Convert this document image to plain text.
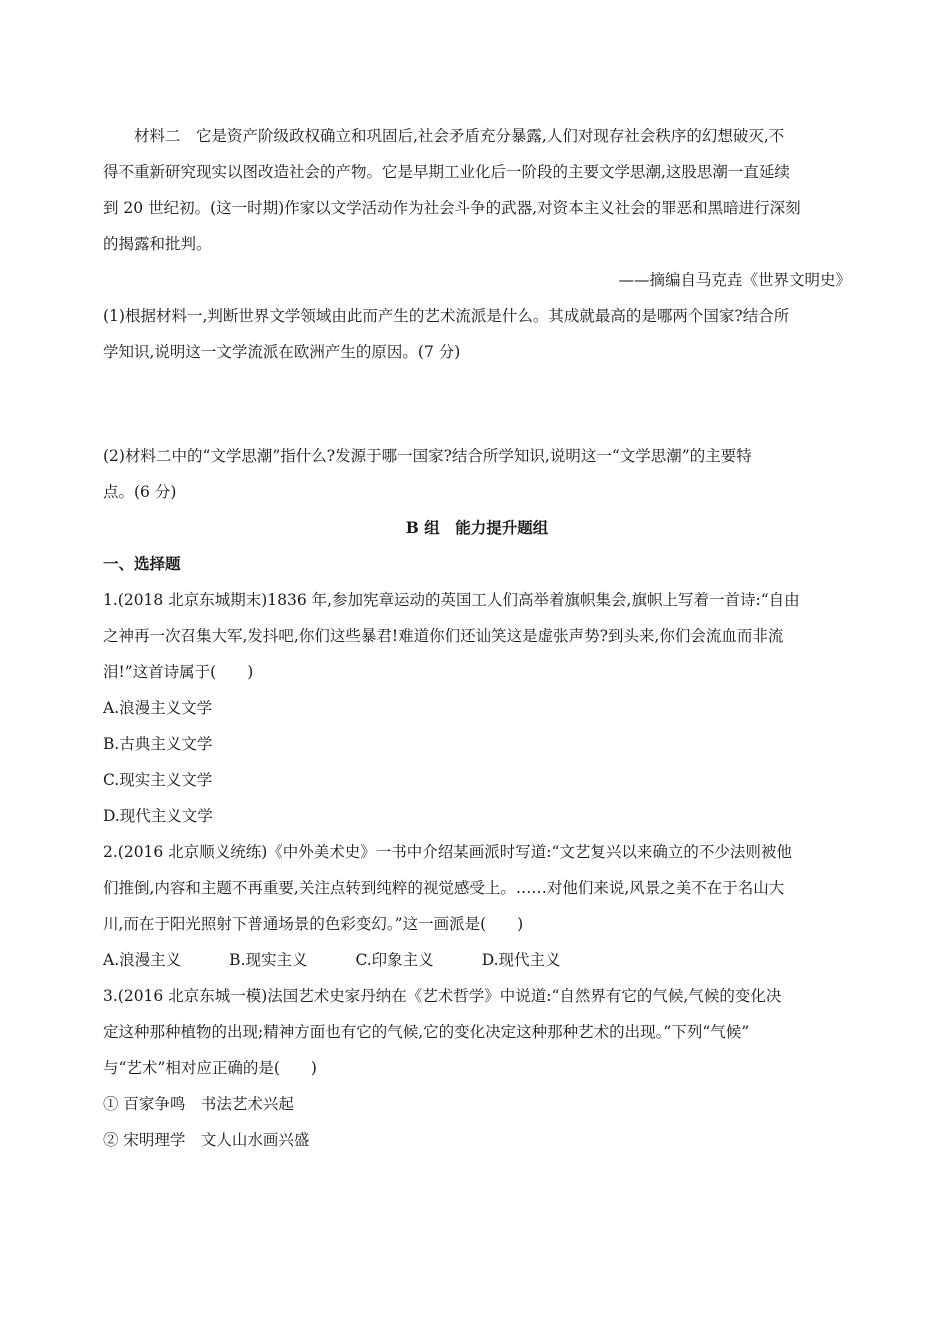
材料二　它是资产阶级政权确立和巩固后,社会矛盾充分暴露,人们对现存社会秩序的幻想破灭,不
得不重新研究现实以图改造社会的产物。它是早期工业化后一阶段的主要文学思潮,这股思潮一直延续
到 20 世纪初。(这一时期)作家以文学活动作为社会斗争的武器,对资本主义社会的罪恶和黑暗进行深刻
的揭露和批判。
——摘编自马克垚《世界文明史》
(1)根据材料一,判断世界文学领域由此而产生的艺术流派是什么。其成就最高的是哪两个国家?结合所
学知识,说明这一文学流派在欧洲产生的原因。(7 分)
(2)材料二中的“文学思潮”指什么?发源于哪一国家?结合所学知识,说明这一“文学思潮”的主要特
点。(6 分)
B 组　能力提升题组
一、选择题
1.(2018 北京东城期末)1836 年,参加宪章运动的英国工人们高举着旗帜集会,旗帜上写着一首诗:“自由
之神再一次召集大军,发抖吧,你们这些暴君!难道你们还讪笑这是虚张声势?到头来,你们会流血而非流
泪!”这首诗属于(　　)
A.浪漫主义文学
B.古典主义文学
C.现实主义文学
D.现代主义文学
2.(2016 北京顺义统练)《中外美术史》一书中介绍某画派时写道:“文艺复兴以来确立的不少法则被他
们推倒,内容和主题不再重要,关注点转到纯粹的视觉感受上。……对他们来说,风景之美不在于名山大
川,而在于阳光照射下普通场景的色彩变幻。”这一画派是(　　)
A.浪漫主义	B.现实主义	C.印象主义	D.现代主义
3.(2016 北京东城一模)法国艺术史家丹纳在《艺术哲学》中说道:“自然界有它的气候,气候的变化决
定这种那种植物的出现;精神方面也有它的气候,它的变化决定这种那种艺术的出现。”下列“气候”
与“艺术”相对应正确的是(　　)
① 百家争鸣　书法艺术兴起
② 宋明理学　文人山水画兴盛
